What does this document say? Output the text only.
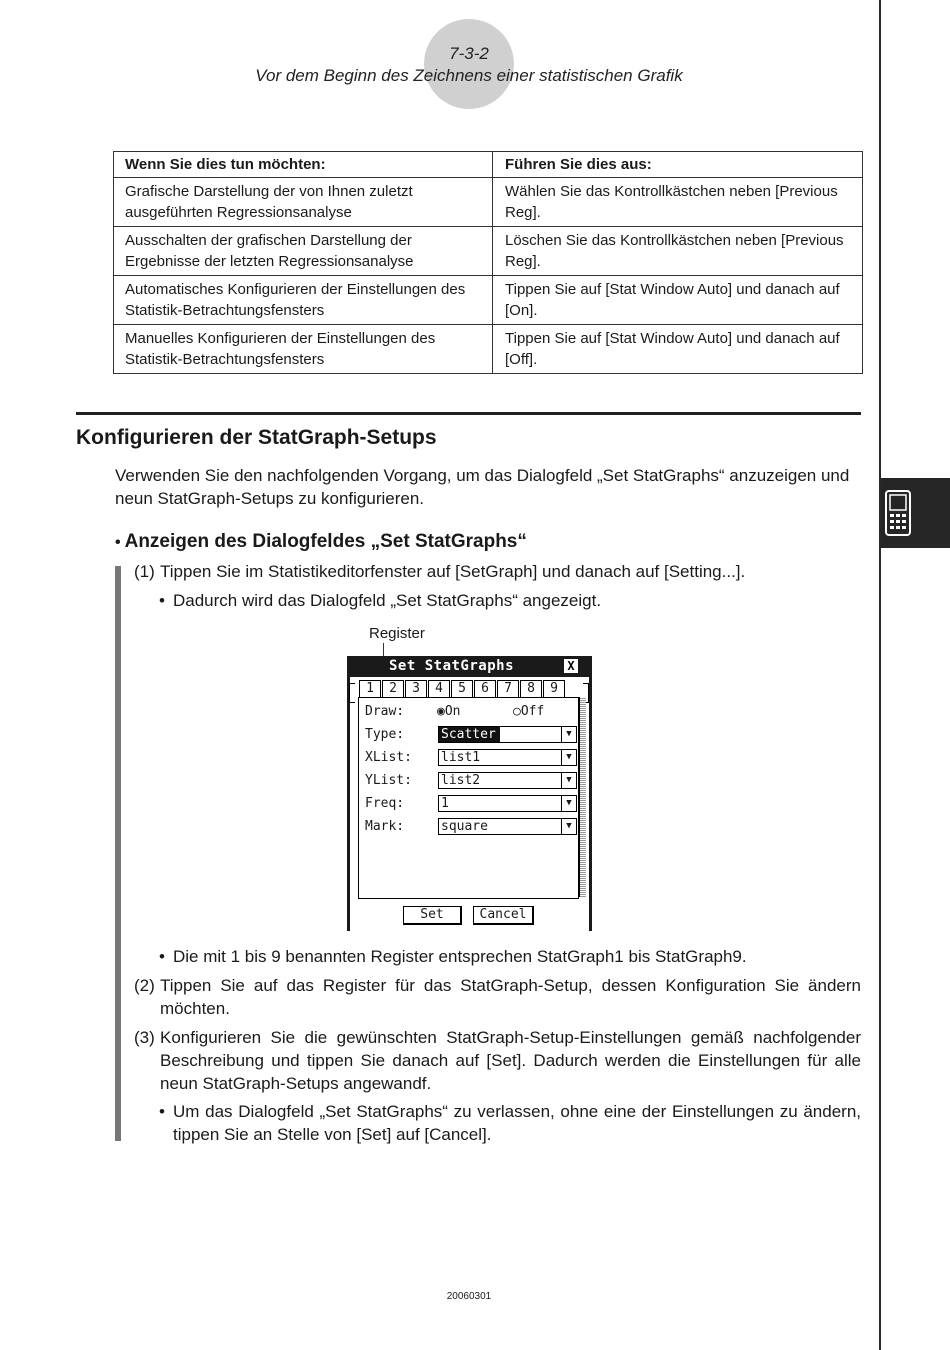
7-3-2
Vor dem Beginn des Zeichnens einer statistischen Grafik
Wenn Sie dies tun möchten:	Führen Sie dies aus:
Grafische Darstellung der von Ihnen zuletzt ausgeführten Regressionsanalyse	Wählen Sie das Kontrollkästchen neben [Previous Reg].
Ausschalten der grafischen Darstellung der Ergebnisse der letzten Regressionsanalyse	Löschen Sie das Kontrollkästchen neben [Previous Reg].
Automatisches Konfigurieren der Einstellungen des Statistik-Betrachtungsfensters	Tippen Sie auf [Stat Window Auto] und danach auf [On].
Manuelles Konfigurieren der Einstellungen des Statistik-Betrachtungsfensters	Tippen Sie auf [Stat Window Auto] und danach auf [Off].
Konfigurieren der StatGraph-Setups
Verwenden Sie den nachfolgenden Vorgang, um das Dialogfeld „Set StatGraphs“ anzuzeigen und neun StatGraph-Setups zu konfigurieren.
• Anzeigen des Dialogfeldes „Set StatGraphs“
(1) Tippen Sie im Statistikeditorfenster auf [SetGraph] und danach auf [Setting...].
• Dadurch wird das Dialogfeld „Set StatGraphs“ angezeigt.
Register
Set StatGraphs	X
1	2	3	4	5	6	7	8	9
Draw:	◉On	○Off
Type:	Scatter	▼
XList: list1	▼
YList: list2	▼
Freq:	1	▼
Mark:	square	▼
Set	Cancel
• Die mit 1 bis 9 benannten Register entsprechen StatGraph1 bis StatGraph9.
(2) Tippen Sie auf das Register für das StatGraph-Setup, dessen Konfiguration Sie ändern möchten.
(3) Konfigurieren Sie die gewünschten StatGraph-Setup-Einstellungen gemäß nachfolgender Beschreibung und tippen Sie danach auf [Set]. Dadurch werden die Einstellungen für alle neun StatGraph-Setups angewandf.
• Um das Dialogfeld „Set StatGraphs“ zu verlassen, ohne eine der Einstellungen zu ändern, tippen Sie an Stelle von [Set] auf [Cancel].
20060301
